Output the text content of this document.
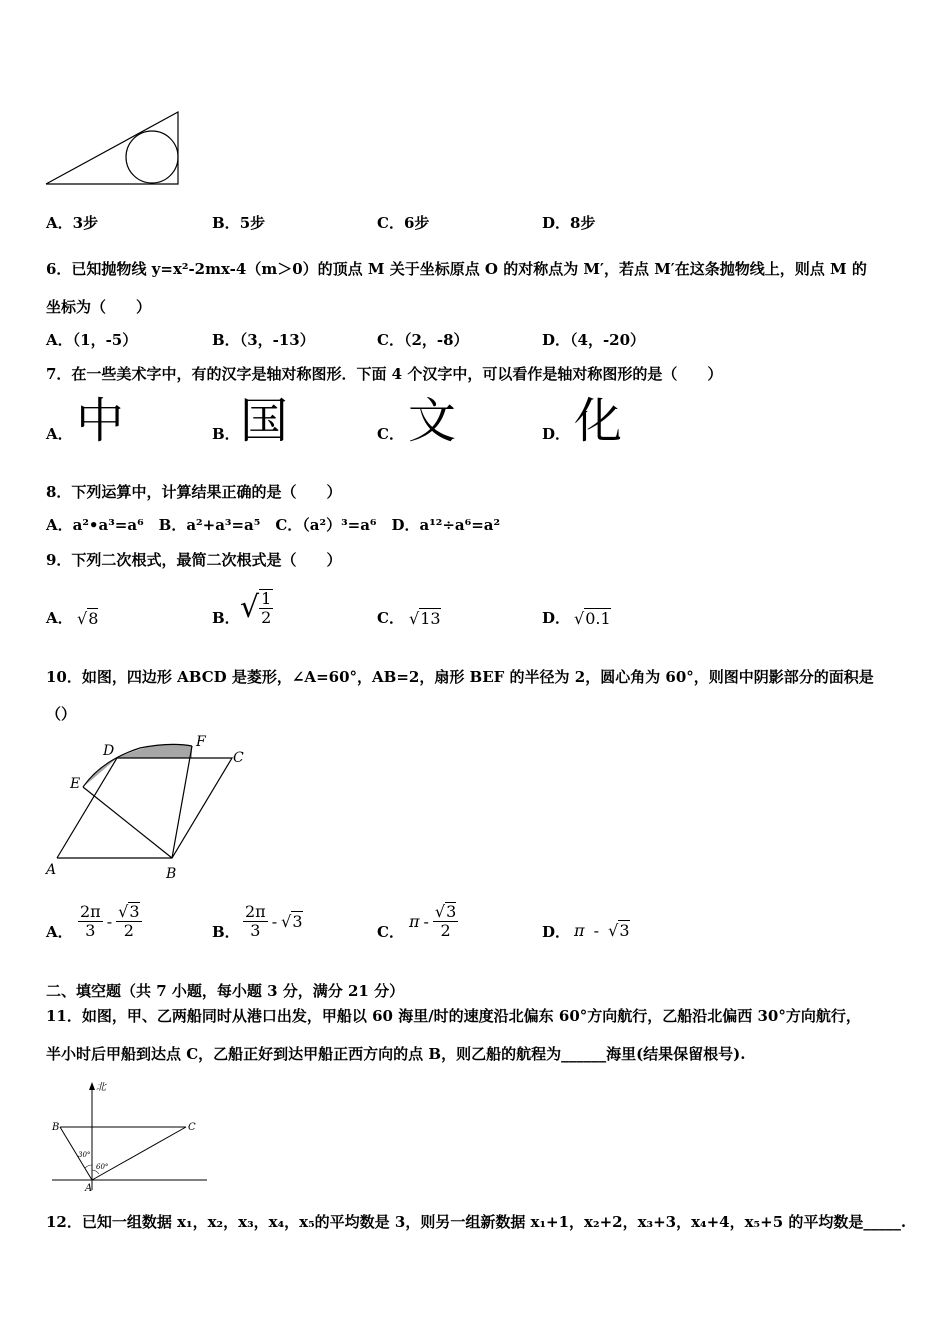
A．3步	B．5步	C．6步	D．8步
6．已知抛物线 y=x²-2mx-4（m＞0）的顶点 M 关于坐标原点 O 的对称点为 M′，若点 M′在这条抛物线上，则点 M 的
坐标为（　　）
A．（1，-5）	B．（3，-13）	C．（2，-8）	D．（4，-20）
7．在一些美术字中，有的汉字是轴对称图形．下面 4 个汉字中，可以看作是轴对称图形的是（　　）
A． 中	B． 国	C． 文	D． 化
8．下列运算中，计算结果正确的是（　　）
A．a²•a³=a⁶　B．a²+a³=a⁵　C．（a²）³=a⁶　D．a¹²÷a⁶=a²
9．下列二次根式，最简二次根式是（　　）
A． √8	B． √ $\frac{1}{2}$	C． √13	D． √0.1
10．如图，四边形 ABCD 是菱形，∠A=60°，AB=2，扇形 BEF 的半径为 2，圆心角为 60°，则图中阴影部分的面积是
（）
D
F
C
E
A	B
A． $\frac{2\pi}{3} - \frac{√3}{2}$	B． $\frac{2\pi}{3} - √3$
C．
π - $\frac{√3}{2}$	D． π - √3
二、填空题（共 7 小题，每小题 3 分，满分 21 分）
11．如图，甲、乙两船同时从港口出发，甲船以 60 海里/时的速度沿北偏东 60°方向航行，乙船沿北偏西 30°方向航行，
半小时后甲船到达点 C，乙船正好到达甲船正西方向的点 B，则乙船的航程为______海里(结果保留根号).
北
B	C
A
30°
60°
12．已知一组数据 x₁，x₂，x₃，x₄，x₅的平均数是 3，则另一组新数据 x₁+1，x₂+2，x₃+3，x₄+4，x₅+5 的平均数是_____.
